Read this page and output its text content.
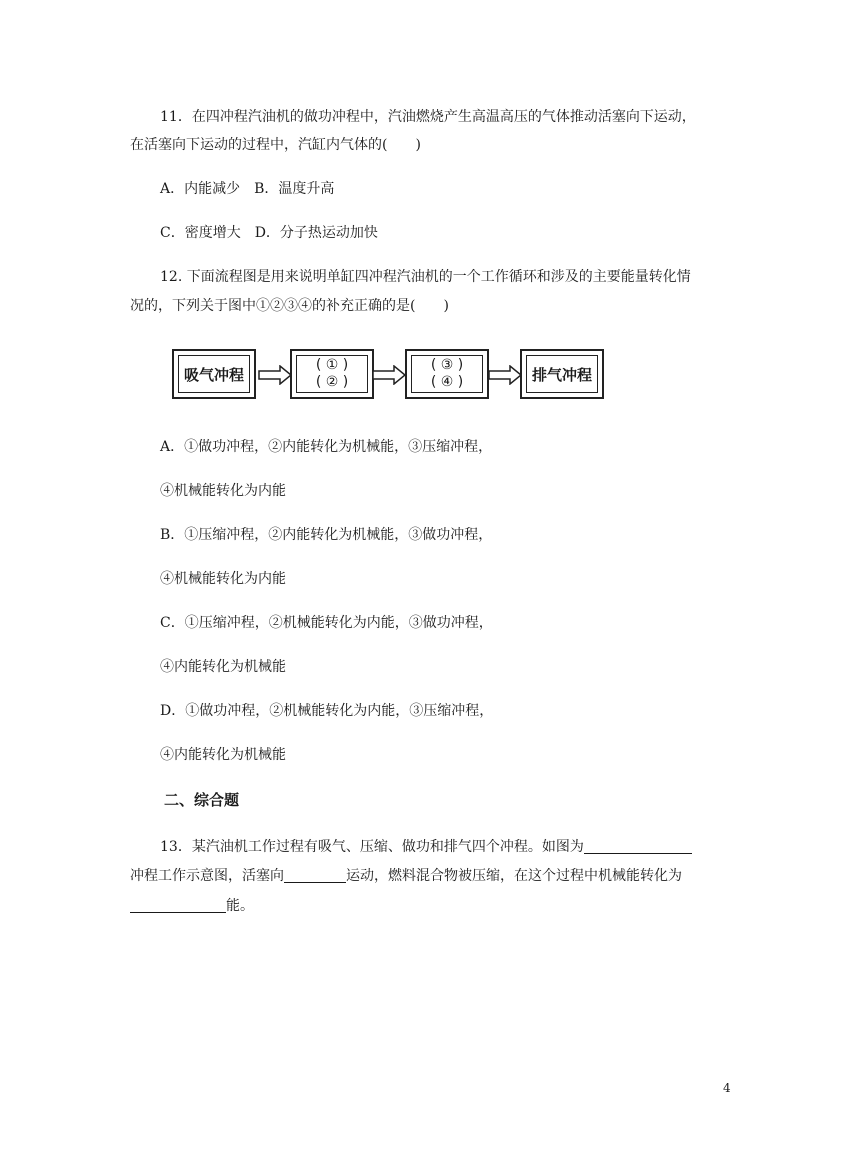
11．在四冲程汽油机的做功冲程中，汽油燃烧产生高温高压的气体推动活塞向下运动，
在活塞向下运动的过程中，汽缸内气体的(　　)
A．内能减少　B．温度升高
C．密度增大　D．分子热运动加快
12. 下面流程图是用来说明单缸四冲程汽油机的一个工作循环和涉及的主要能量转化情
况的，下列关于图中①②③④的补充正确的是(　　)
吸气冲程
( ① )
( ② )
( ③ )
( ④ )	排气冲程
A．①做功冲程，②内能转化为机械能，③压缩冲程，
④机械能转化为内能
B．①压缩冲程，②内能转化为机械能，③做功冲程，
④机械能转化为内能
C．①压缩冲程，②机械能转化为内能，③做功冲程，
④内能转化为机械能
D．①做功冲程，②机械能转化为内能，③压缩冲程，
④内能转化为机械能
二、综合题
13．某汽油机工作过程有吸气、压缩、做功和排气四个冲程。如图为
冲程工作示意图，活塞向	运动，燃料混合物被压缩，在这个过程中机械能转化为
能。
4
